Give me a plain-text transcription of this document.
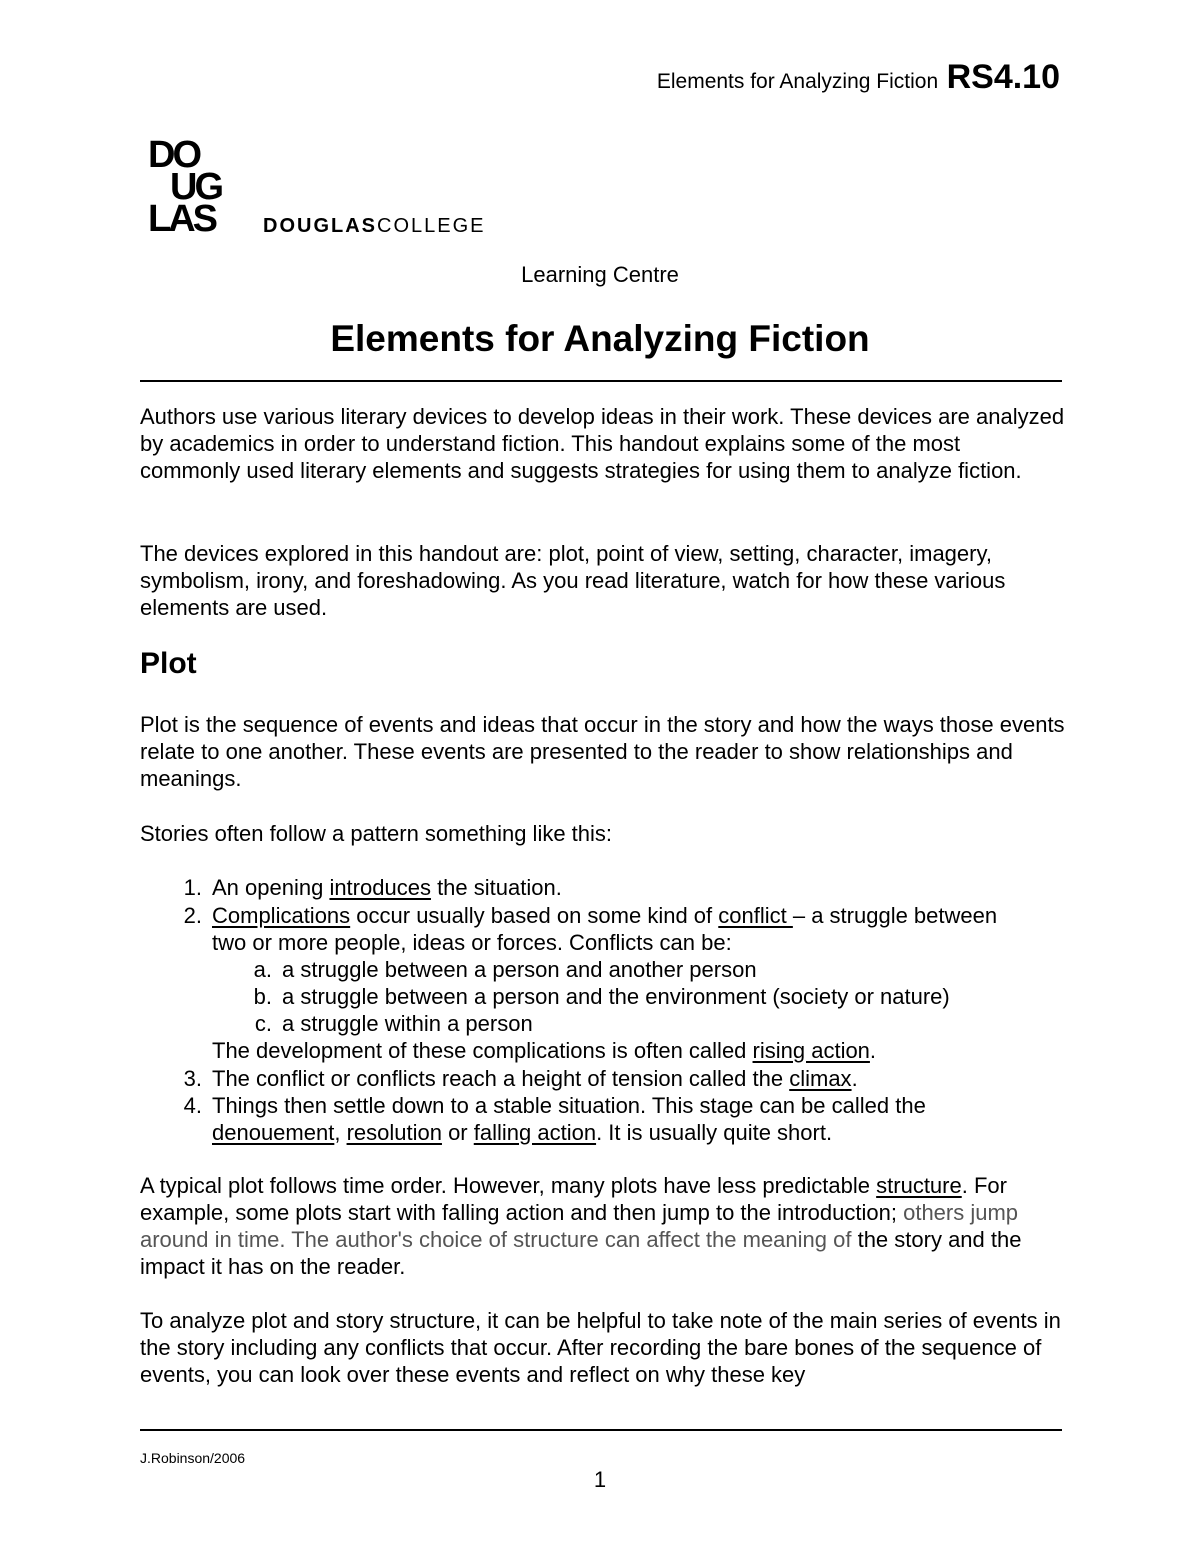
Elements for Analyzing Fiction RS4.10
DO
UG
LAS DOUGLASCOLLEGE
Learning Centre
Elements for Analyzing Fiction
Authors use various literary devices to develop ideas in their work. These devices are analyzed by academics in order to understand fiction. This handout explains some of the most commonly used literary elements and suggests strategies for using them to analyze fiction.
The devices explored in this handout are: plot, point of view, setting, character, imagery, symbolism, irony, and foreshadowing. As you read literature, watch for how these various elements are used.
Plot
Plot is the sequence of events and ideas that occur in the story and how the ways those events relate to one another. These events are presented to the reader to show relationships and meanings.
Stories often follow a pattern something like this:
1. An opening introduces the situation.
2. Complications occur usually based on some kind of conflict – a struggle between
two or more people, ideas or forces. Conflicts can be:
a. a struggle between a person and another person
b. a struggle between a person and the environment (society or nature)
c. a struggle within a person
The development of these complications is often called rising action.
3. The conflict or conflicts reach a height of tension called the climax.
4. Things then settle down to a stable situation. This stage can be called the
denouement, resolution or falling action. It is usually quite short.
A typical plot follows time order. However, many plots have less predictable structure. For example, some plots start with falling action and then jump to the introduction; others jump around in time. The author's choice of structure can affect the meaning of the story and the impact it has on the reader.
To analyze plot and story structure, it can be helpful to take note of the main series of events in the story including any conflicts that occur. After recording the bare bones of the sequence of events, you can look over these events and reflect on why these key
J.Robinson/2006
1
